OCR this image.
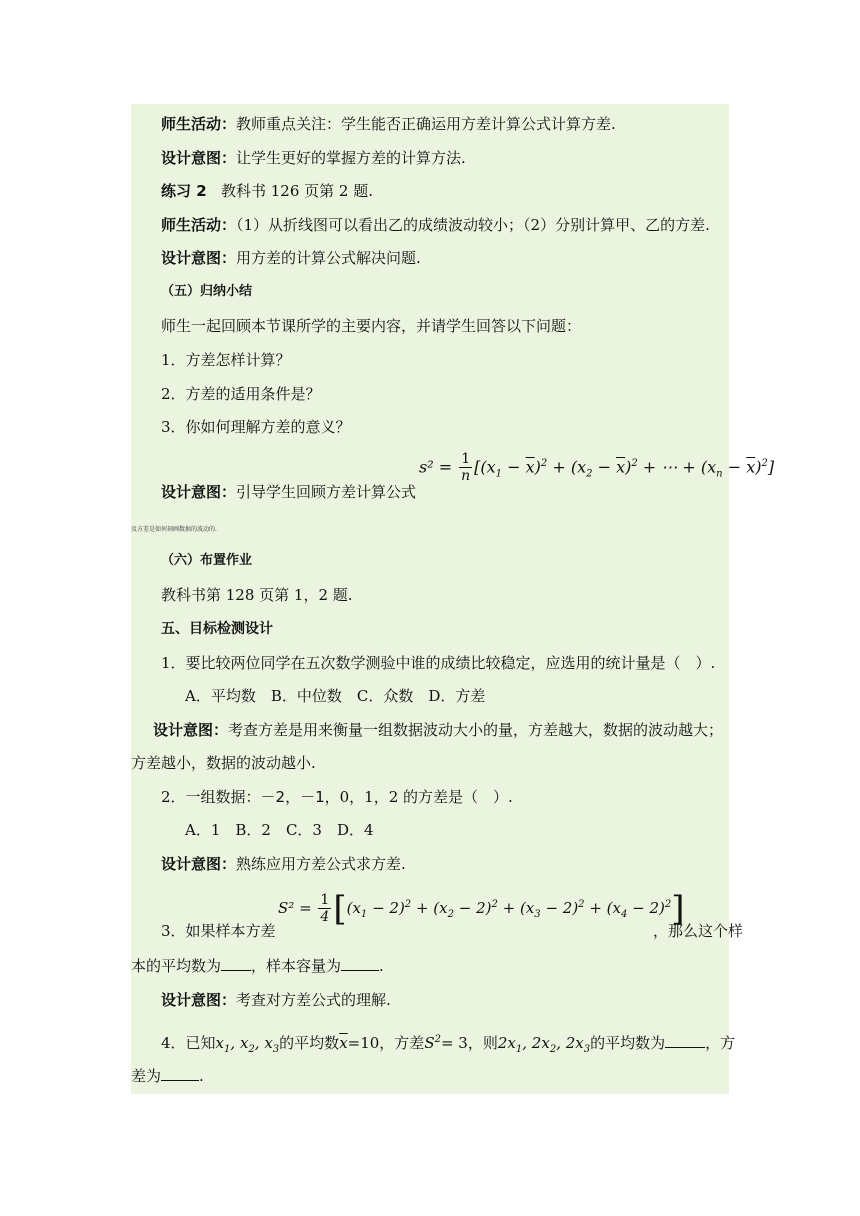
师生活动：教师重点关注：学生能否正确运用方差计算公式计算方差.
设计意图：让学生更好的掌握方差的计算方法.
练习 2 教科书 126 页第 2 题.
师生活动：（1）从折线图可以看出乙的成绩波动较小；（2）分别计算甲、乙的方差.
设计意图：用方差的计算公式解决问题.
（五）归纳小结
师生一起回顾本节课所学的主要内容，并请学生回答以下问题：
1．方差怎样计算？
2．方差的适用条件是？
3．你如何理解方差的意义？
设计意图：引导学生回顾方差计算公式
$s^2 = \frac{1}{n} [(x_1 - \overline{x})^2 + (x_2 - \overline{x})^2$ + ⋯ + $(x_n - \overline{x})^2$]
及方差是如何刻画数据的波动的.
（六）布置作业
教科书第 128 页第 1，2 题.
五、目标检测设计
1．要比较两位同学在五次数学测验中谁的成绩比较稳定，应选用的统计量是（　）.
A．平均数　B．中位数　C．众数　D．方差
设计意图：考查方差是用来衡量一组数据波动大小的量，方差越大，数据的波动越大；
方差越小，数据的波动越小.
2．一组数据：－2，－1，0，1，2 的方差是（　）.
A．1　B．2　C．3　D．4
设计意图：熟练应用方差公式求方差.
3．如果样本方差
$S^2 = \frac{1}{4} [(x_1 - 2)^2 + (x_2 - 2)^2 + (x_3 - 2)^2 + (x_4 - 2)^2]$
，那么这个样
本的平均数为 ，样本容量为	.
设计意图：考查对方差公式的理解.
4．已知$x_1$, $x_2$, $x_3$的平均数$\overline{x}=10$，方差$S^2= 3$，则$2x_1$, $2x_2$, $2x_3$的平均数为	，方
差为	.
